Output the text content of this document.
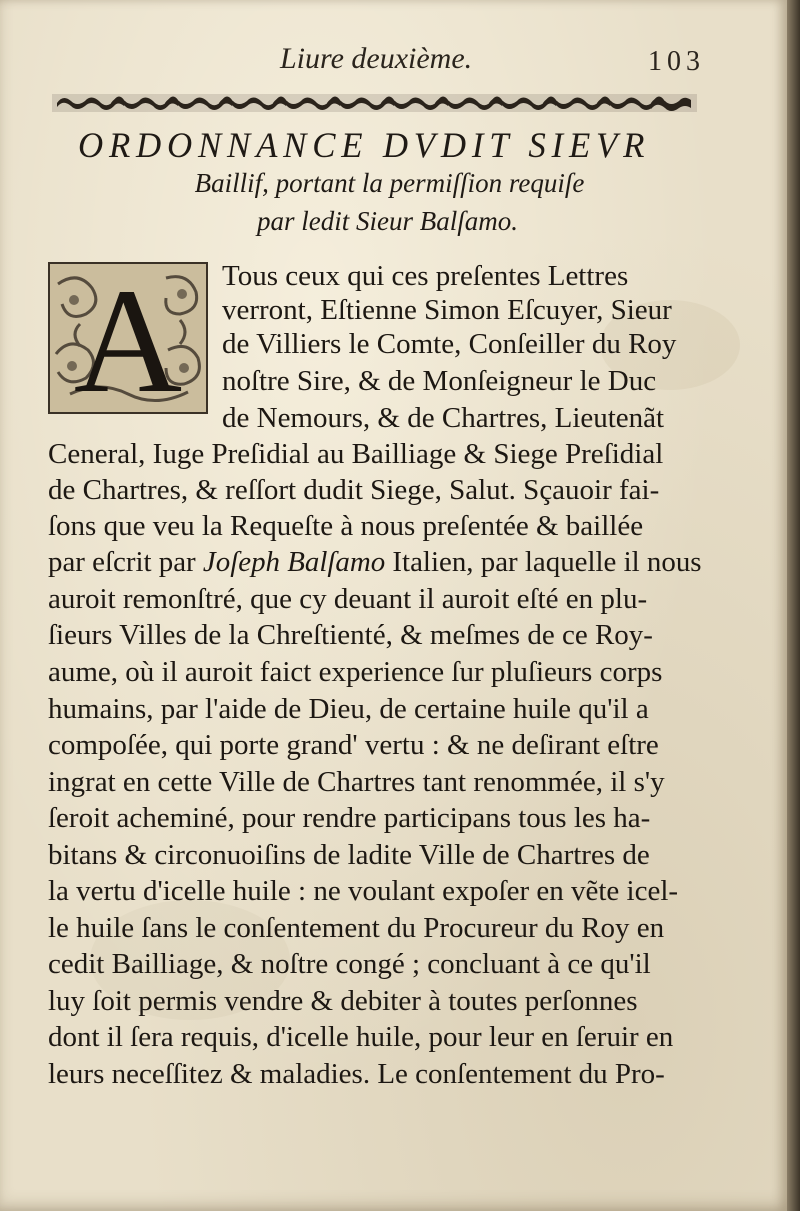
Liure deuxième.	103
ORDONNANCE DVDIT SIEVR
Baillif, portant la permiſſion requiſe
par ledit Sieur Balſamo.
A	Tous ceux qui ces preſentes Lettres
verront, Eſtienne Simon Eſcuyer, Sieur
de Villiers le Comte, Conſeiller du Roy
noſtre Sire, & de Monſeigneur le Duc
de Nemours, & de Chartres, Lieutenãt
Ceneral, Iuge Preſidial au Bailliage & Siege Preſidial
de Chartres, & reſſort dudit Siege, Salut. Sçauoir fai-
ſons que veu la Requeſte à nous preſentée & baillée
par eſcrit par Joſeph Balſamo Italien, par laquelle il nous
auroit remonſtré, que cy deuant il auroit eſté en plu-
ſieurs Villes de la Chreſtienté, & meſmes de ce Roy-
aume, où il auroit faict experience ſur pluſieurs corps
humains, par l'aide de Dieu, de certaine huile qu'il a
compoſée, qui porte grand' vertu : & ne deſirant eſtre
ingrat en cette Ville de Chartres tant renommée, il s'y
ſeroit acheminé, pour rendre participans tous les ha-
bitans & circonuoiſins de ladite Ville de Chartres de
la vertu d'icelle huile : ne voulant expoſer en vẽte icel-
le huile ſans le conſentement du Procureur du Roy en
cedit Bailliage, & noſtre congé ; concluant à ce qu'il
luy ſoit permis vendre & debiter à toutes perſonnes
dont il ſera requis, d'icelle huile, pour leur en ſeruir en
leurs neceſſitez & maladies. Le conſentement du Pro-
